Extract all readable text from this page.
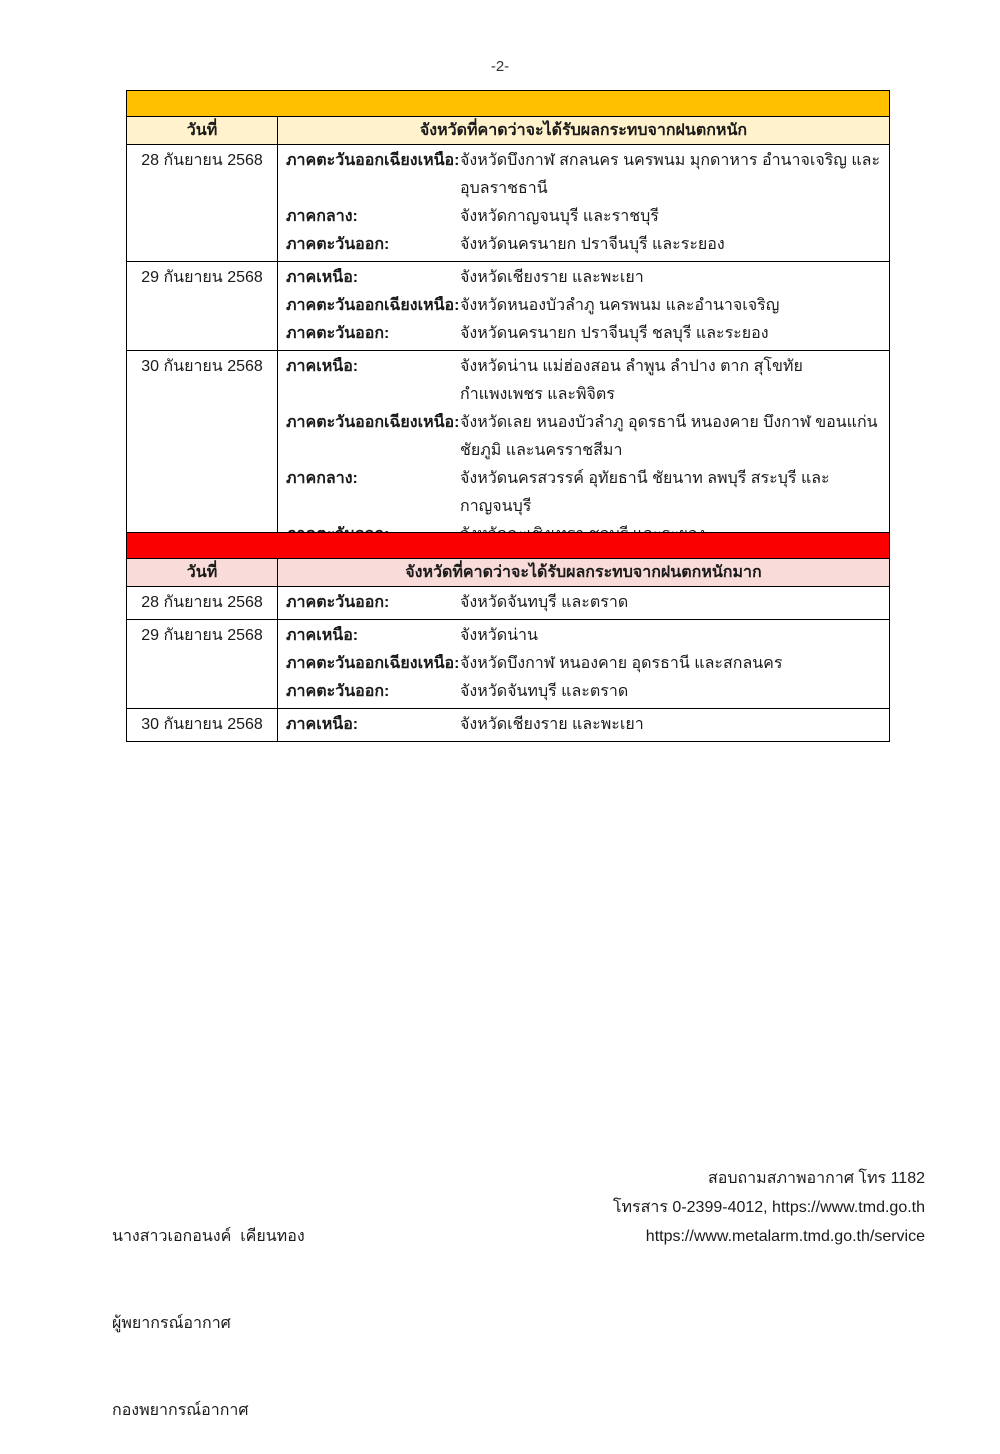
-2-

วันที่	จังหวัดที่คาดว่าจะได้รับผลกระทบจากฝนตกหนัก
28 กันยายน 2568	ภาคตะวันออกเฉียงเหนือ: จังหวัดบึงกาฬ สกลนคร นครพนม มุกดาหาร อำนาจเจริญ และอุบลราชธานี
ภาคกลาง:	จังหวัดกาญจนบุรี และราชบุรี
ภาคตะวันออก:	จังหวัดนครนายก ปราจีนบุรี และระยอง

29 กันยายน 2568	ภาคเหนือ:	จังหวัดเชียงราย และพะเยา
ภาคตะวันออกเฉียงเหนือ: จังหวัดหนองบัวลำภู นครพนม และอำนาจเจริญ
ภาคตะวันออก:	จังหวัดนครนายก ปราจีนบุรี ชลบุรี และระยอง

30 กันยายน 2568	ภาคเหนือ:	จังหวัดน่าน แม่ฮ่องสอน ลำพูน ลำปาง ตาก สุโขทัย กำแพงเพชร และพิจิตร
ภาคตะวันออกเฉียงเหนือ: จังหวัดเลย หนองบัวลำภู อุดรธานี หนองคาย บึงกาฬ ขอนแก่น ชัยภูมิ และนครราชสีมา
ภาคกลาง:	จังหวัดนครสวรรค์ อุทัยธานี ชัยนาท ลพบุรี สระบุรี และกาญจนบุรี

วันที่	จังหวัดที่คาดว่าจะได้รับผลกระทบจากฝนตกหนักมาก
28 กันยายน 2568	ภาคตะวันออก: จังหวัดจันทบุรี และตราด

29 กันยายน 2568	ภาคเหนือ:	จังหวัดน่าน
ภาคตะวันออกเฉียงเหนือ: จังหวัดบึงกาฬ หนองคาย อุดรธานี และสกลนคร
ภาคตะวันออก:	จังหวัดจันทบุรี และตราด

30 กันยายน 2568	ภาคเหนือ: จังหวัดเชียงราย และพะเยา

นางสาวเอกอนงค์  เคียนทอง

ผู้พยากรณ์อากาศ

กองพยากรณ์อากาศ

สอบถามสภาพอากาศ โทร 1182
โทรสาร 0-2399-4012, https://www.tmd.go.th
https://www.metalarm.tmd.go.th/service
